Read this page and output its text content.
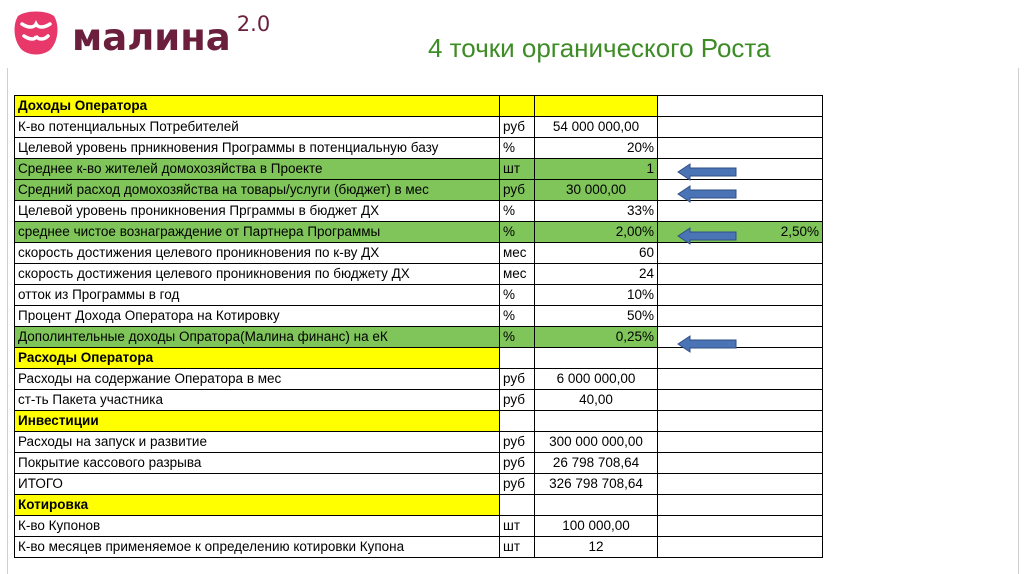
малина 2.0
4 точки органического Роста
Доходы Оператора			
К-во потенциальных Потребителей	руб	54 000 000,00	
Целевой уровень прникновения Программы в потенциальную базу	%	20%	
Среднее к-во жителей домохозяйства в Проекте	шт	1	
Средний расход домохозяйства на товары/услуги (бюджет) в мес	руб	30 000,00	
Целевой уровень проникновения Прграммы в бюджет ДХ	%	33%	
среднее чистое вознаграждение от Партнера Программы	%	2,00%	2,50%
скорость достижения целевого проникновения по к-ву ДХ	мес	60	
скорость достижения целевого проникновения по бюджету ДХ	мес	24	
отток из Программы в год	%	10%	
Процент Дохода Оператора на Котировку	%	50%	
Дополинтельные доходы Опратора(Малина финанс) на еК	%	0,25%	
Расходы Оператора			
Расходы на содержание Оператора в мес	руб	6 000 000,00	
ст-ть Пакета участника	руб	40,00	
Инвестиции			
Расходы на запуск и развитие	руб	300 000 000,00	
Покрытие кассового разрыва	руб	26 798 708,64	
ИТОГО	руб	326 798 708,64	
Котировка			
К-во Купонов	шт	100 000,00	
К-во месяцев применяемое к определению котировки Купона	шт	12	
